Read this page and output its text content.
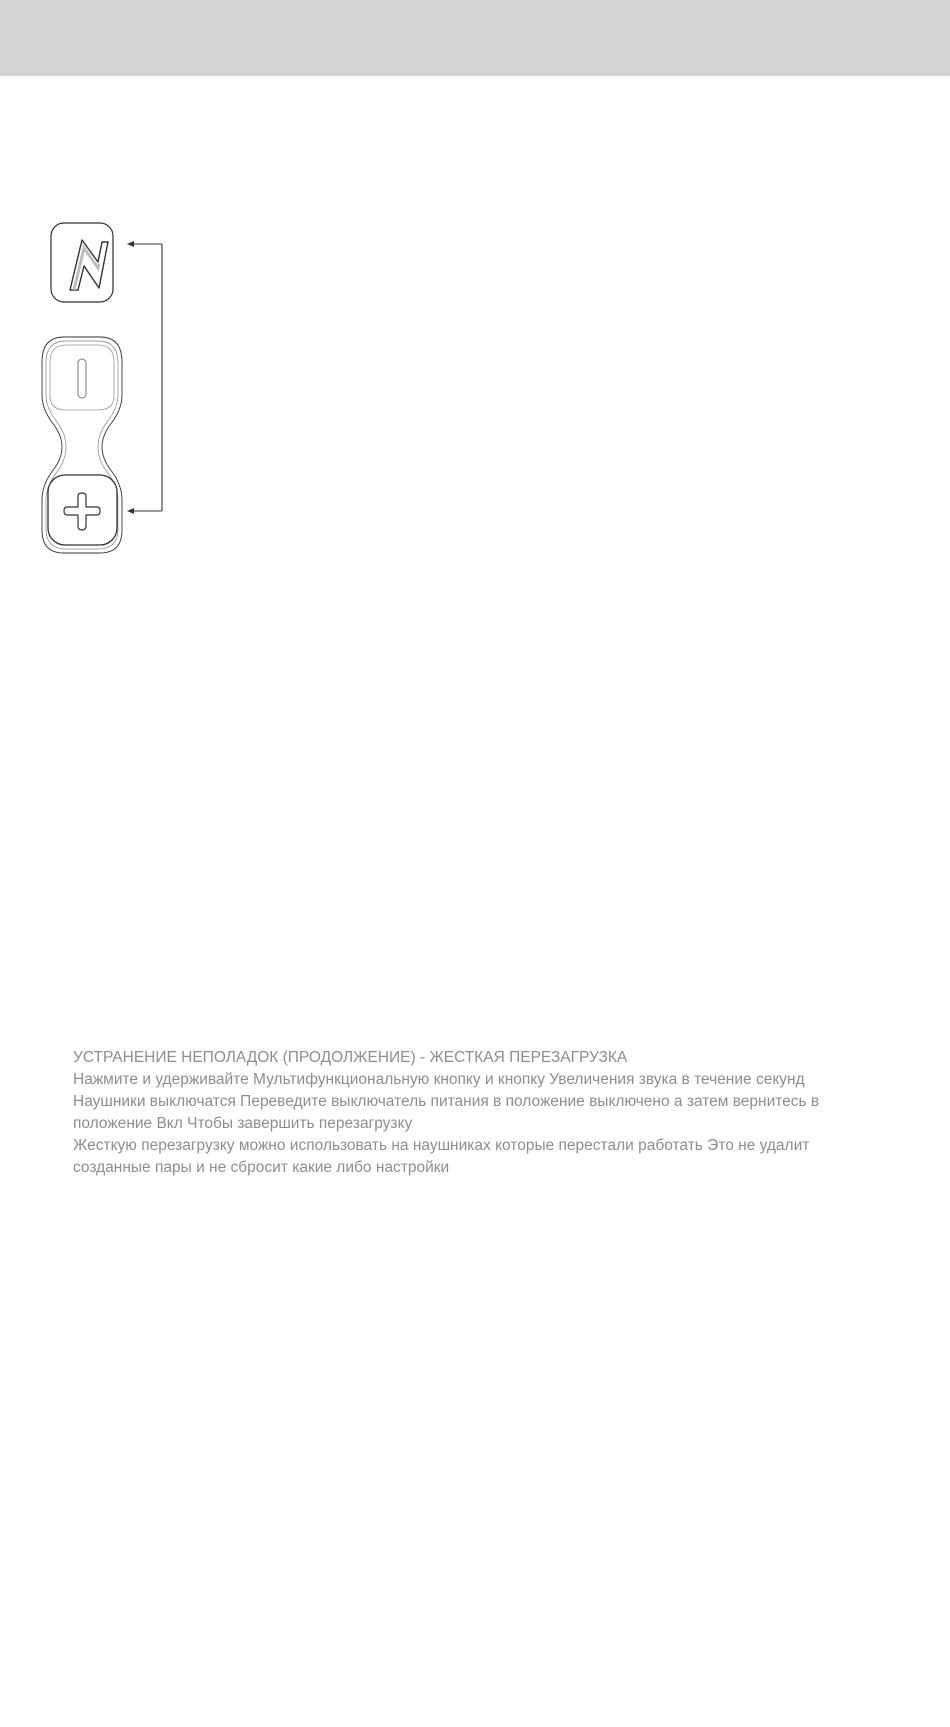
УСТРАНЕНИЕ НЕПОЛАДОК (ПРОДОЛЖЕНИЕ) - ЖЕСТКАЯ ПЕРЕЗАГРУЗКА

Нажмите и удерживайте Мультифункциональную кнопку и кнопку Увеличения звука в течение секунд Наушники выключатся Переведите выключатель питания в положение выключено а затем вернитесь в положение Вкл Чтобы завершить перезагрузку

Жесткую перезагрузку можно использовать на наушниках которые перестали работать Это не удалит созданные пары и не сбросит какие либо настройки
